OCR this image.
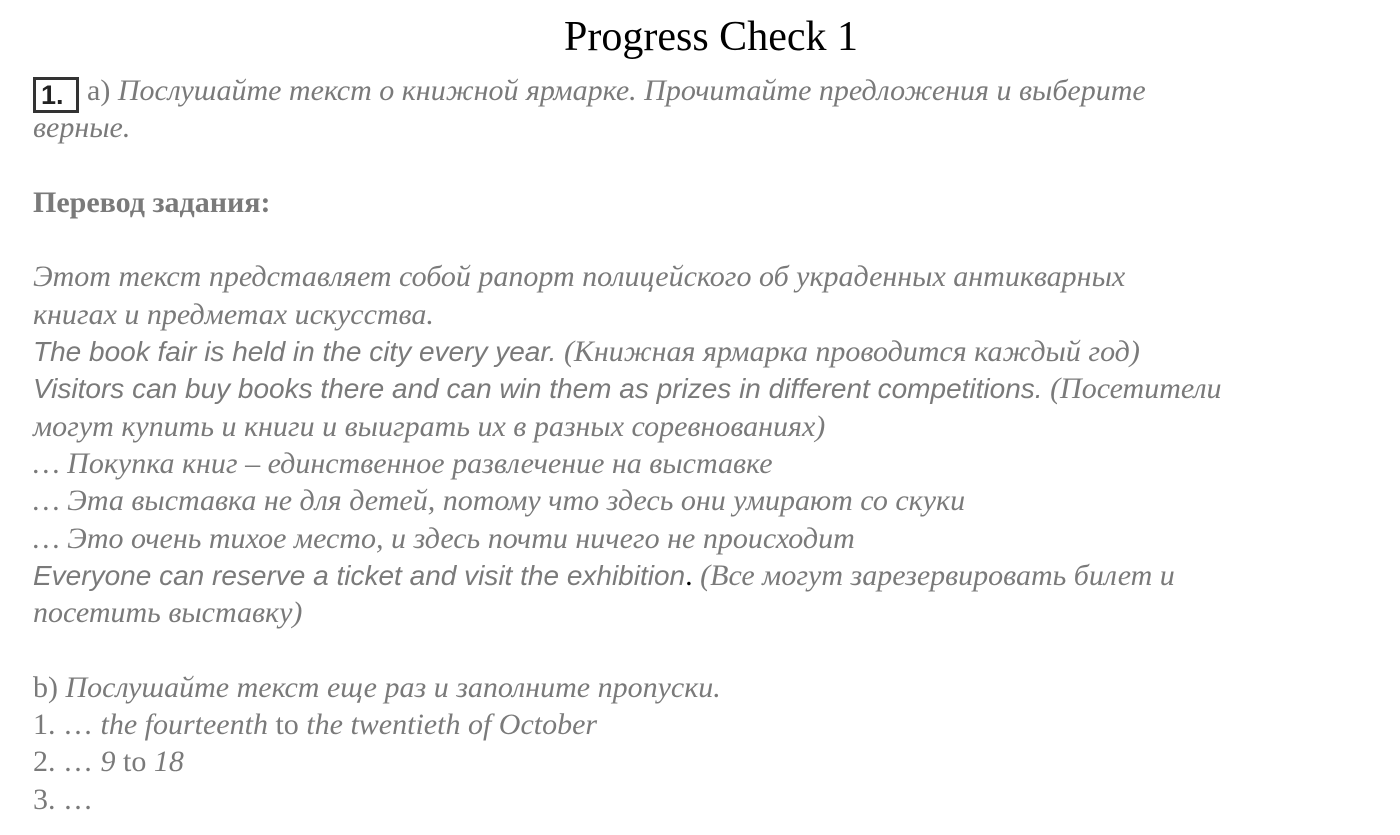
Progress Check 1
1. a) Послушайте текст о книжной ярмарке. Прочитайте предложения и выберите
верные.
Перевод задания:
Этот текст представляет собой рапорт полицейского об украденных антикварных
книгах и предметах искусства.
The book fair is held in the city every year. (Книжная ярмарка проводится каждый год)
Visitors can buy books there and can win them as prizes in different competitions. (Посетители
могут купить и книги и выиграть их в разных соревнованиях)
… Покупка книг – единственное развлечение на выставке
… Эта выставка не для детей, потому что здесь они умирают со скуки
… Это очень тихое место, и здесь почти ничего не происходит
Everyone can reserve a ticket and visit the exhibition. (Все могут зарезервировать билет и
посетить выставку)
b) Послушайте текст еще раз и заполните пропуски.
1. … the fourteenth to the twentieth of October
2. … 9 to 18
3. …
